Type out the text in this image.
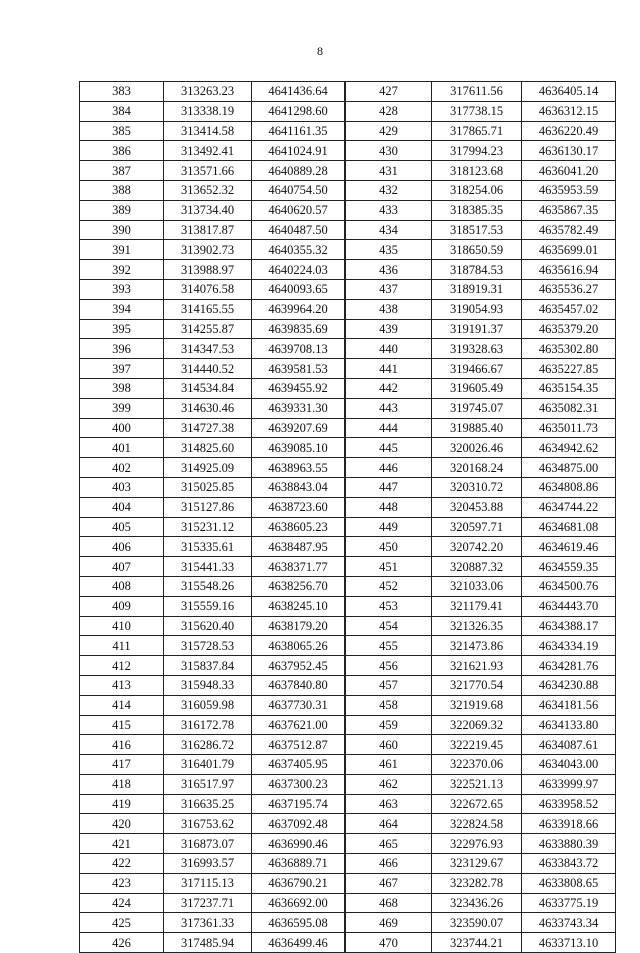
8
383	313263.23	4641436.64
384	313338.19	4641298.60
385	313414.58	4641161.35
386	313492.41	4641024.91
387	313571.66	4640889.28
388	313652.32	4640754.50
389	313734.40	4640620.57
390	313817.87	4640487.50
391	313902.73	4640355.32
392	313988.97	4640224.03
393	314076.58	4640093.65
394	314165.55	4639964.20
395	314255.87	4639835.69
396	314347.53	4639708.13
397	314440.52	4639581.53
398	314534.84	4639455.92
399	314630.46	4639331.30
400	314727.38	4639207.69
401	314825.60	4639085.10
402	314925.09	4638963.55
403	315025.85	4638843.04
404	315127.86	4638723.60
405	315231.12	4638605.23
406	315335.61	4638487.95
407	315441.33	4638371.77
408	315548.26	4638256.70
409	315559.16	4638245.10
410	315620.40	4638179.20
411	315728.53	4638065.26
412	315837.84	4637952.45
413	315948.33	4637840.80
414	316059.98	4637730.31
415	316172.78	4637621.00
416	316286.72	4637512.87
417	316401.79	4637405.95
418	316517.97	4637300.23
419	316635.25	4637195.74
420	316753.62	4637092.48
421	316873.07	4636990.46
422	316993.57	4636889.71
423	317115.13	4636790.21
424	317237.71	4636692.00
425	317361.33	4636595.08
426	317485.94	4636499.46
427	317611.56	4636405.14
428	317738.15	4636312.15
429	317865.71	4636220.49
430	317994.23	4636130.17
431	318123.68	4636041.20
432	318254.06	4635953.59
433	318385.35	4635867.35
434	318517.53	4635782.49
435	318650.59	4635699.01
436	318784.53	4635616.94
437	318919.31	4635536.27
438	319054.93	4635457.02
439	319191.37	4635379.20
440	319328.63	4635302.80
441	319466.67	4635227.85
442	319605.49	4635154.35
443	319745.07	4635082.31
444	319885.40	4635011.73
445	320026.46	4634942.62
446	320168.24	4634875.00
447	320310.72	4634808.86
448	320453.88	4634744.22
449	320597.71	4634681.08
450	320742.20	4634619.46
451	320887.32	4634559.35
452	321033.06	4634500.76
453	321179.41	4634443.70
454	321326.35	4634388.17
455	321473.86	4634334.19
456	321621.93	4634281.76
457	321770.54	4634230.88
458	321919.68	4634181.56
459	322069.32	4634133.80
460	322219.45	4634087.61
461	322370.06	4634043.00
462	322521.13	4633999.97
463	322672.65	4633958.52
464	322824.58	4633918.66
465	322976.93	4633880.39
466	323129.67	4633843.72
467	323282.78	4633808.65
468	323436.26	4633775.19
469	323590.07	4633743.34
470	323744.21	4633713.10
